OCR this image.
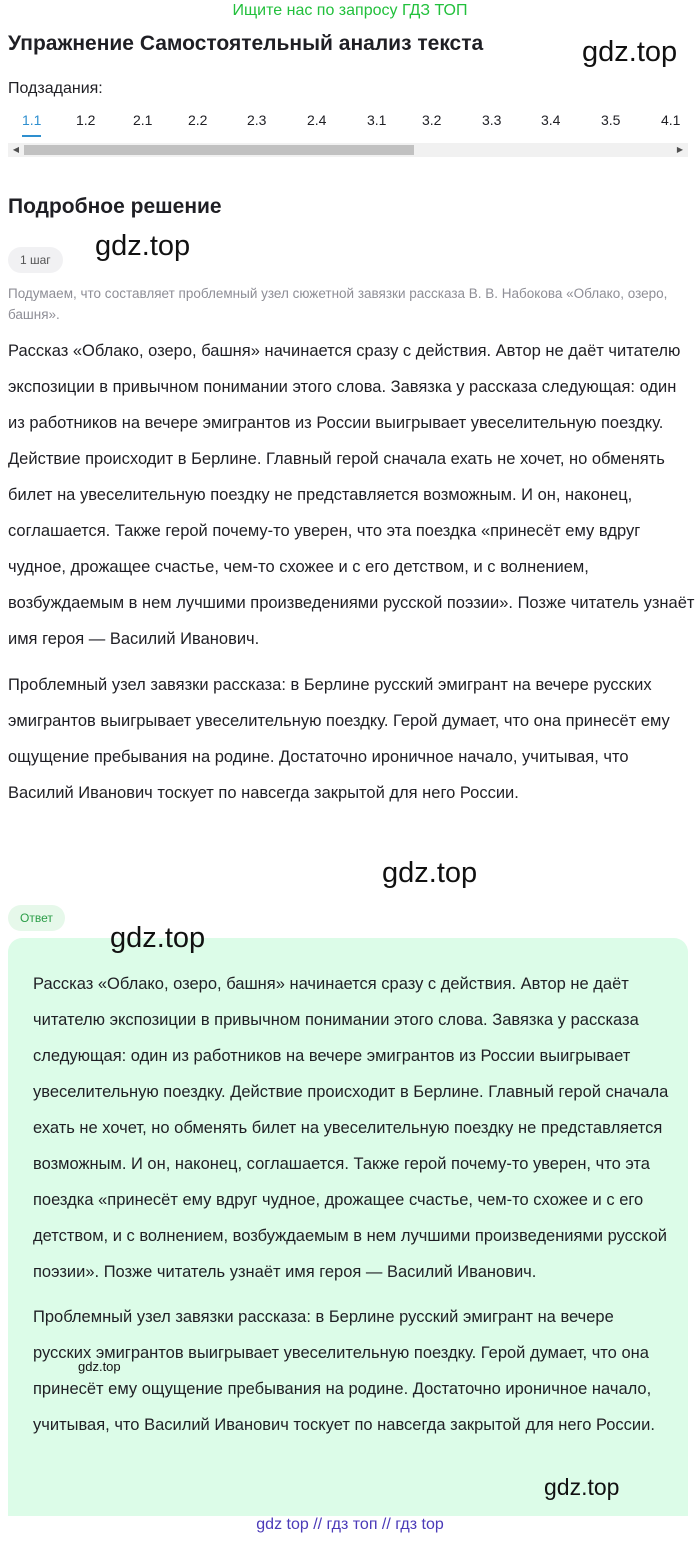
Ищите нас по запросу ГДЗ ТОП
Упражнение Самостоятельный анализ текста	gdz.top
Подзадания:
1.1 1.2	2.1	2.2	2.3	2.4	3.1	3.2	3.3	3.4	3.5	4.1
◀	▶
Подробное решение
1 шаг	gdz.top

Подумаем, что составляет проблемный узел сюжетной завязки рассказа В. В. Набокова «Облако, озеро, башня».

Рассказ «Облако, озеро, башня» начинается сразу с действия. Автор не даёт читателю экспозиции в привычном понимании этого слова. Завязка у рассказа следующая: один из работников на вечере эмигрантов из России выигрывает увеселительную поездку. Действие происходит в Берлине. Главный герой сначала ехать не хочет, но обменять билет на увеселительную поездку не представляется возможным. И он, наконец, соглашается. Также герой почему-то уверен, что эта поездка «принесёт ему вдруг чудное, дрожащее счастье, чем-то схожее и с его детством, и с волнением, возбуждаемым в нем лучшими произведениями русской поэзии». Позже читатель узнаёт имя героя — Василий Иванович.

Проблемный узел завязки рассказа: в Берлине русский эмигрант на вечере русских эмигрантов выигрывает увеселительную поездку. Герой думает, что она принесёт ему ощущение пребывания на родине. Достаточно ироничное начало, учитывая, что Василий Иванович тоскует по навсегда закрытой для него России.

gdz.top
Ответ

Рассказ «Облако, озеро, башня» начинается сразу с действия. Автор не даёт читателю экспозиции в привычном понимании этого слова. Завязка у рассказа следующая: один из работников на вечере эмигрантов из России выигрывает увеселительную поездку. Действие происходит в Берлине. Главный герой сначала ехать не хочет, но обменять билет на увеселительную поездку не представляется возможным. И он, наконец, соглашается. Также герой почему-то уверен, что эта поездка «принесёт ему вдруг чудное, дрожащее счастье, чем-то схожее и с его детством, и с волнением, возбуждаемым в нем лучшими произведениями русской поэзии». Позже читатель узнаёт имя героя — Василий Иванович.

Проблемный узел завязки рассказа: в Берлине русский эмигрант на вечере русских эмигрантов выигрывает увеселительную поездку. Герой думает, что она принесёт ему ощущение пребывания на родине. Достаточно ироничное начало, учитывая, что Василий Иванович тоскует по навсегда закрытой для него России.

gdz.top
gdz.top
gdz.top
gdz top // гдз топ // гдз top
